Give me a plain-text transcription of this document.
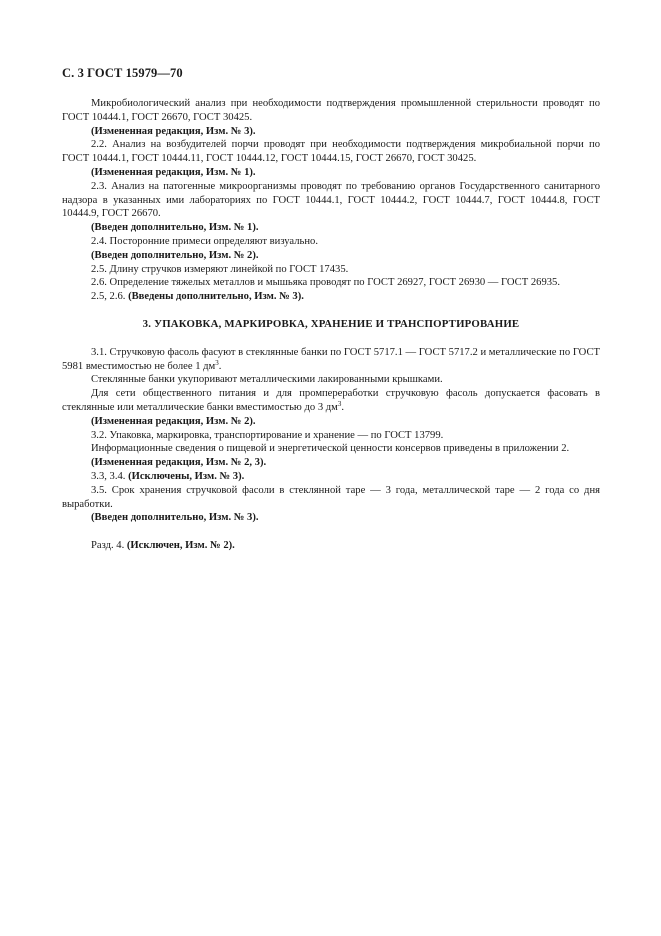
С. 3 ГОСТ 15979—70

Микробиологический анализ при необходимости подтверждения промышленной стерильности проводят по ГОСТ 10444.1, ГОСТ 26670, ГОСТ 30425.

(Измененная редакция, Изм. № 3).

2.2. Анализ на возбудителей порчи проводят при необходимости подтверждения микробиальной порчи по ГОСТ 10444.1, ГОСТ 10444.11, ГОСТ 10444.12, ГОСТ 10444.15, ГОСТ 26670, ГОСТ 30425.

(Измененная редакция, Изм. № 1).

2.3. Анализ на патогенные микроорганизмы проводят по требованию органов Государственного санитарного надзора в указанных ими лабораториях по ГОСТ 10444.1, ГОСТ 10444.2, ГОСТ 10444.7, ГОСТ 10444.8, ГОСТ 10444.9, ГОСТ 26670.

(Введен дополнительно, Изм. № 1).

2.4. Посторонние примеси определяют визуально.

(Введен дополнительно, Изм. № 2).

2.5. Длину стручков измеряют линейкой по ГОСТ 17435.

2.6. Определение тяжелых металлов и мышьяка проводят по ГОСТ 26927, ГОСТ 26930 — ГОСТ 26935.

2.5, 2.6. (Введены дополнительно, Изм. № 3).

3. УПАКОВКА, МАРКИРОВКА, ХРАНЕНИЕ И ТРАНСПОРТИРОВАНИЕ

3.1. Стручковую фасоль фасуют в стеклянные банки по ГОСТ 5717.1 — ГОСТ 5717.2 и металлические по ГОСТ 5981 вместимостью не более 1 $дм^3$.

Стеклянные банки укупоривают металлическими лакированными крышками.

Для сети общественного питания и для промпереработки стручковую фасоль допускается фасовать в стеклянные или металлические банки вместимостью до 3 $дм^3$.

(Измененная редакция, Изм. № 2).

3.2. Упаковка, маркировка, транспортирование и хранение — по ГОСТ 13799.

Информационные сведения о пищевой и энергетической ценности консервов приведены в приложении 2.

(Измененная редакция, Изм. № 2, 3).

3.3, 3.4. (Исключены, Изм. № 3).

3.5. Срок хранения стручковой фасоли в стеклянной таре — 3 года, металлической таре — 2 года со дня выработки.

(Введен дополнительно, Изм. № 3).

Разд. 4. (Исключен, Изм. № 2).
